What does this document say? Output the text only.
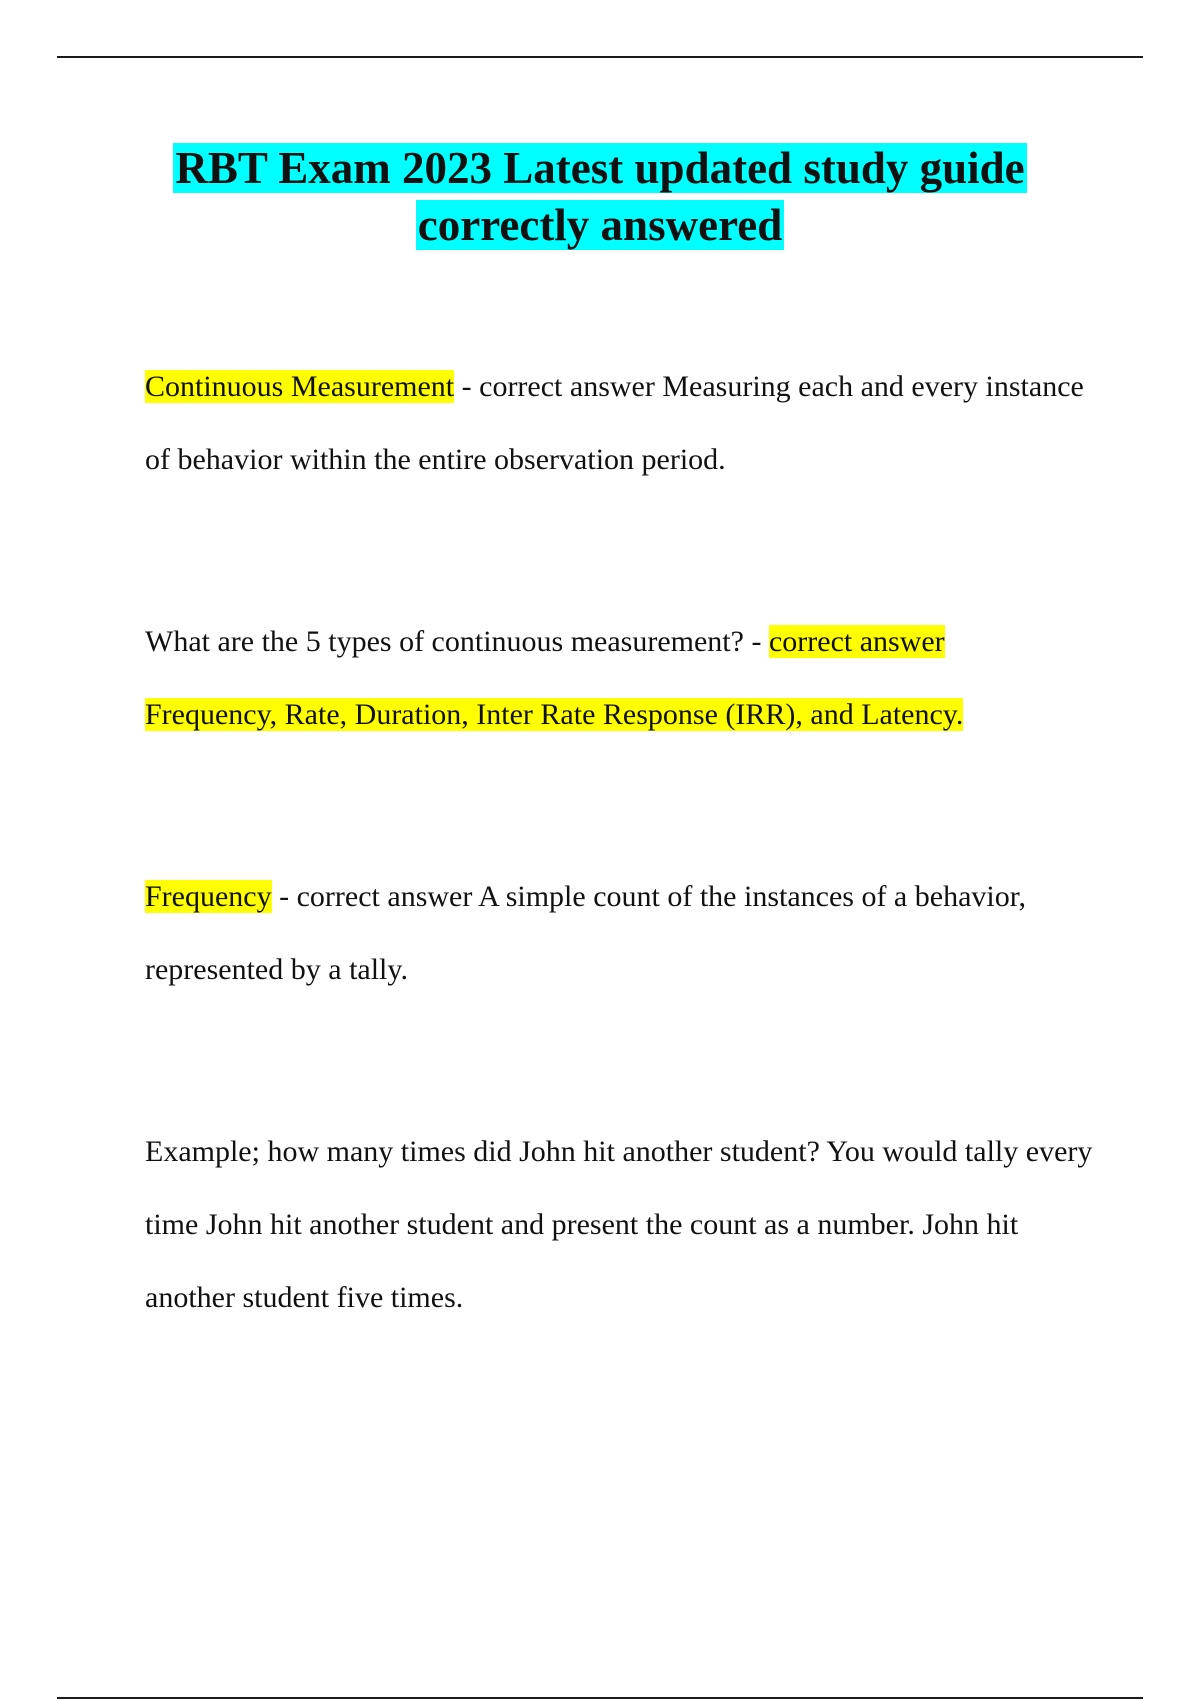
RBT Exam 2023 Latest updated study guide
correctly answered

Continuous Measurement - correct answer Measuring each and every instance of behavior within the entire observation period.

What are the 5 types of continuous measurement? - correct answer
Frequency, Rate, Duration, Inter Rate Response (IRR), and Latency.

Frequency - correct answer A simple count of the instances of a behavior, represented by a tally.

Example; how many times did John hit another student? You would tally every time John hit another student and present the count as a number. John hit another student five times.
